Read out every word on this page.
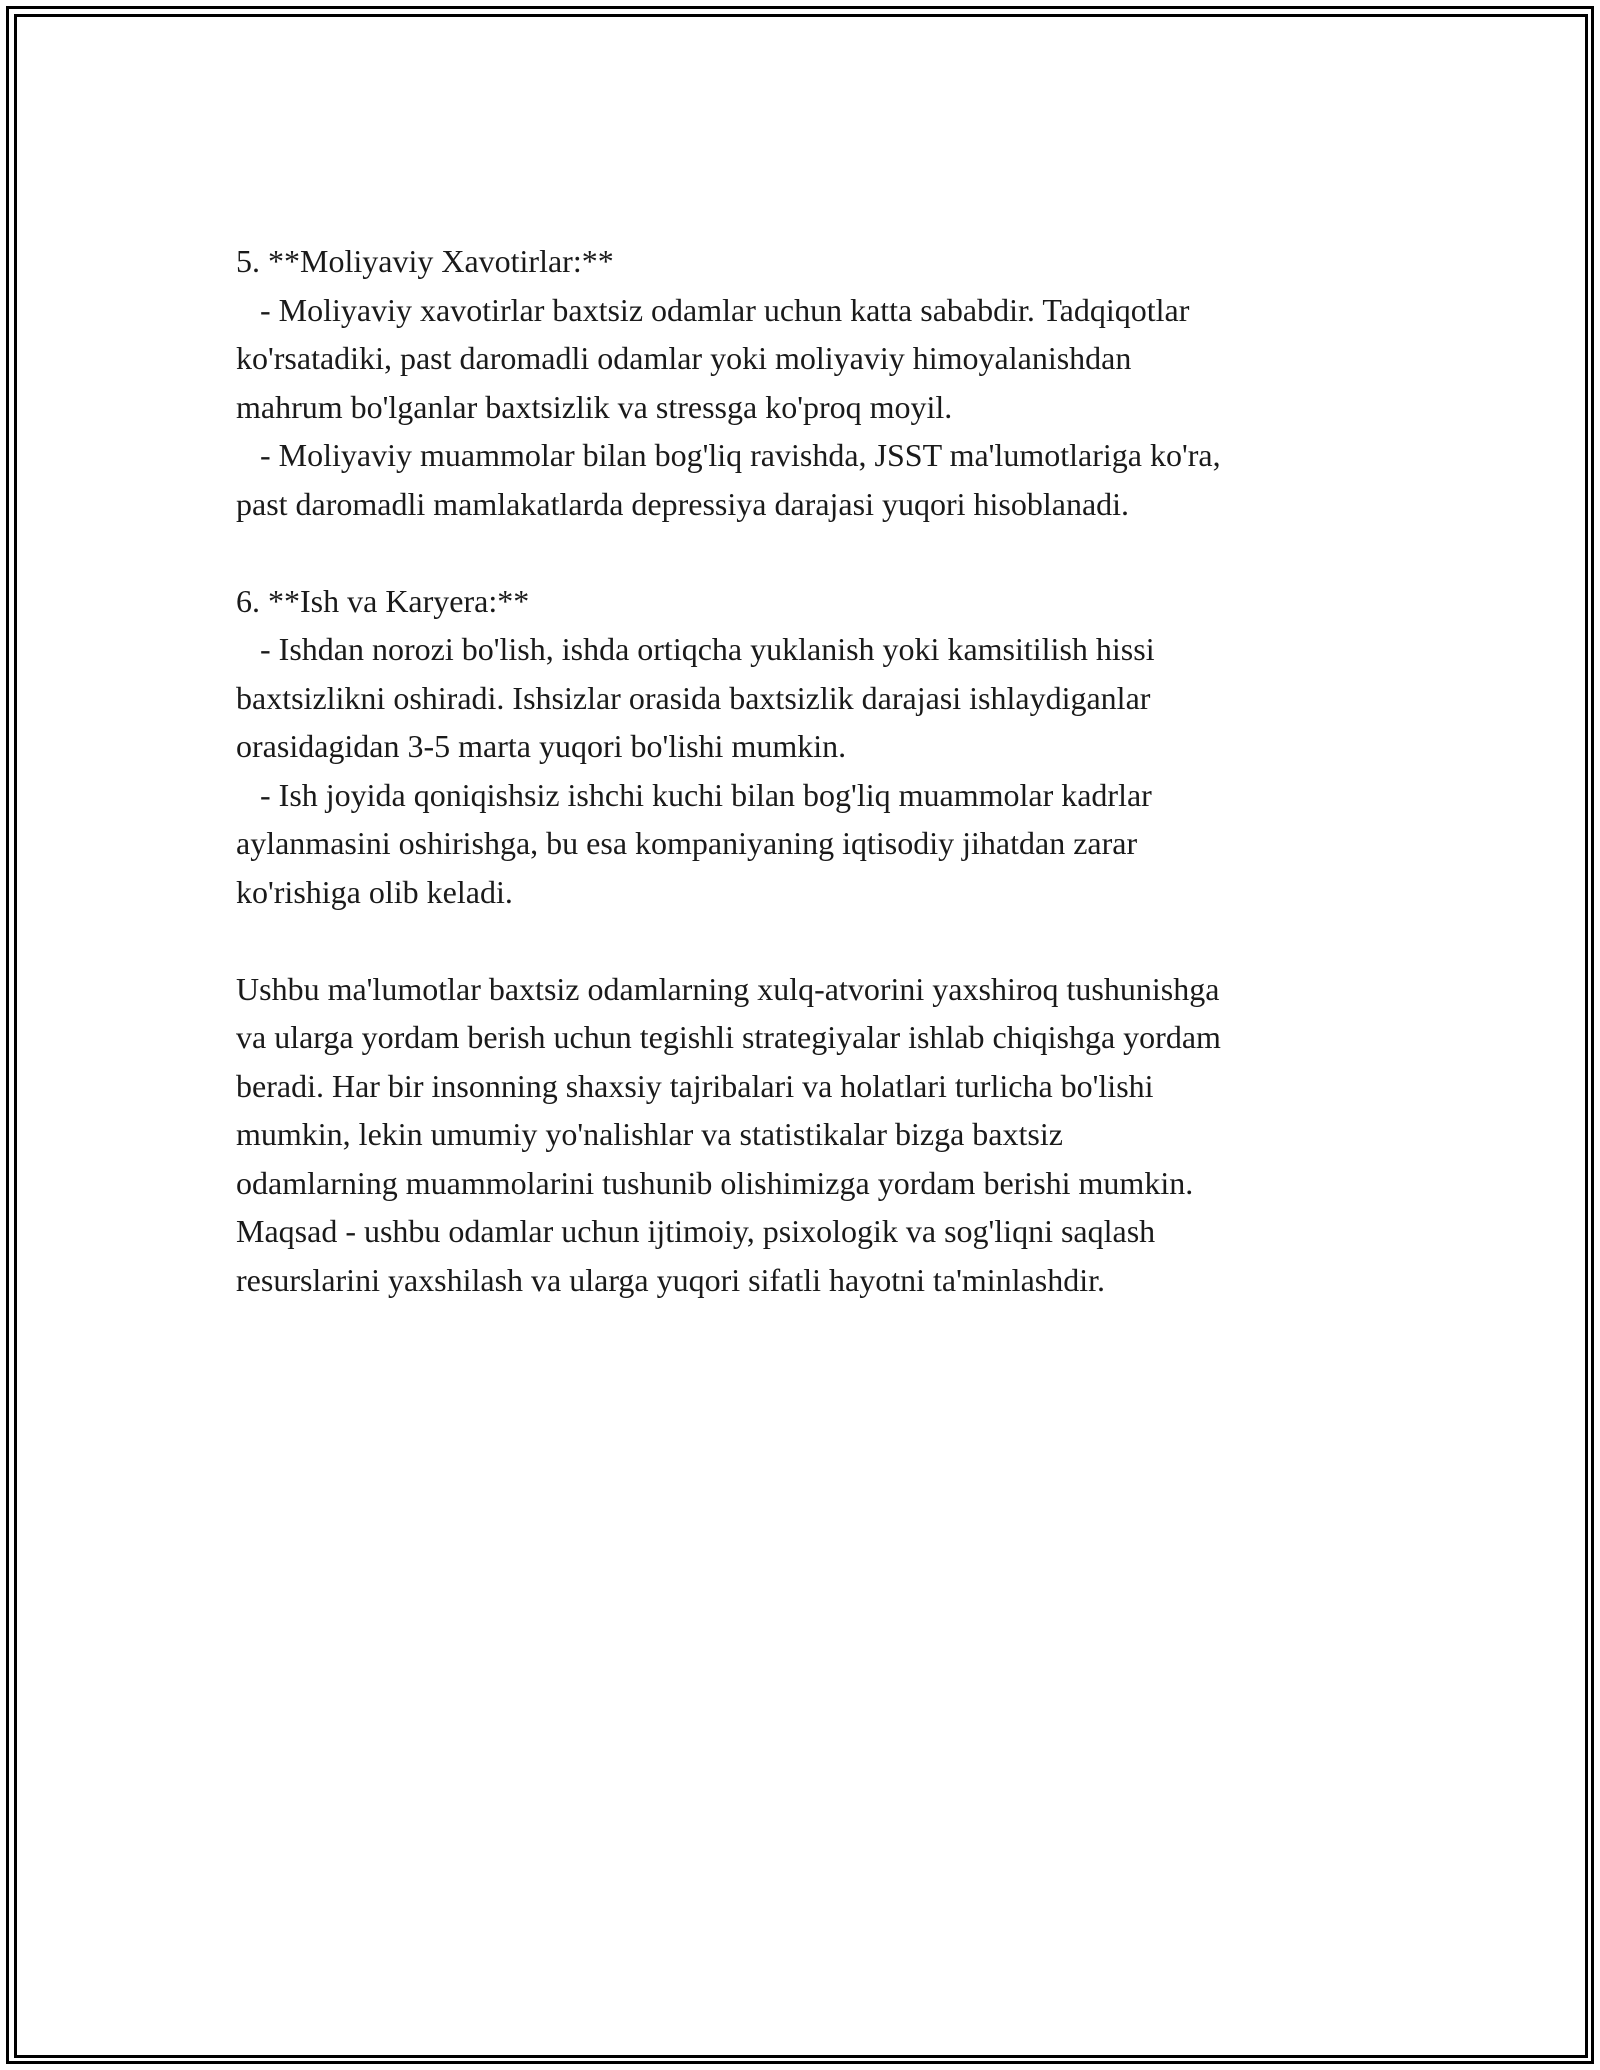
5. **Moliyaviy Xavotirlar:**
- Moliyaviy xavotirlar baxtsiz odamlar uchun katta sababdir. Tadqiqotlar
ko'rsatadiki, past daromadli odamlar yoki moliyaviy himoyalanishdan
mahrum bo'lganlar baxtsizlik va stressga ko'proq moyil.
- Moliyaviy muammolar bilan bog'liq ravishda, JSST ma'lumotlariga ko'ra,
past daromadli mamlakatlarda depressiya darajasi yuqori hisoblanadi.
6. **Ish va Karyera:**
- Ishdan norozi bo'lish, ishda ortiqcha yuklanish yoki kamsitilish hissi
baxtsizlikni oshiradi. Ishsizlar orasida baxtsizlik darajasi ishlaydiganlar
orasidagidan 3-5 marta yuqori bo'lishi mumkin.
- Ish joyida qoniqishsiz ishchi kuchi bilan bog'liq muammolar kadrlar
aylanmasini oshirishga, bu esa kompaniyaning iqtisodiy jihatdan zarar
ko'rishiga olib keladi.
Ushbu ma'lumotlar baxtsiz odamlarning xulq-atvorini yaxshiroq tushunishga
va ularga yordam berish uchun tegishli strategiyalar ishlab chiqishga yordam
beradi. Har bir insonning shaxsiy tajribalari va holatlari turlicha bo'lishi
mumkin, lekin umumiy yo'nalishlar va statistikalar bizga baxtsiz
odamlarning muammolarini tushunib olishimizga yordam berishi mumkin.
Maqsad - ushbu odamlar uchun ijtimoiy, psixologik va sog'liqni saqlash
resurslarini yaxshilash va ularga yuqori sifatli hayotni ta'minlashdir.
